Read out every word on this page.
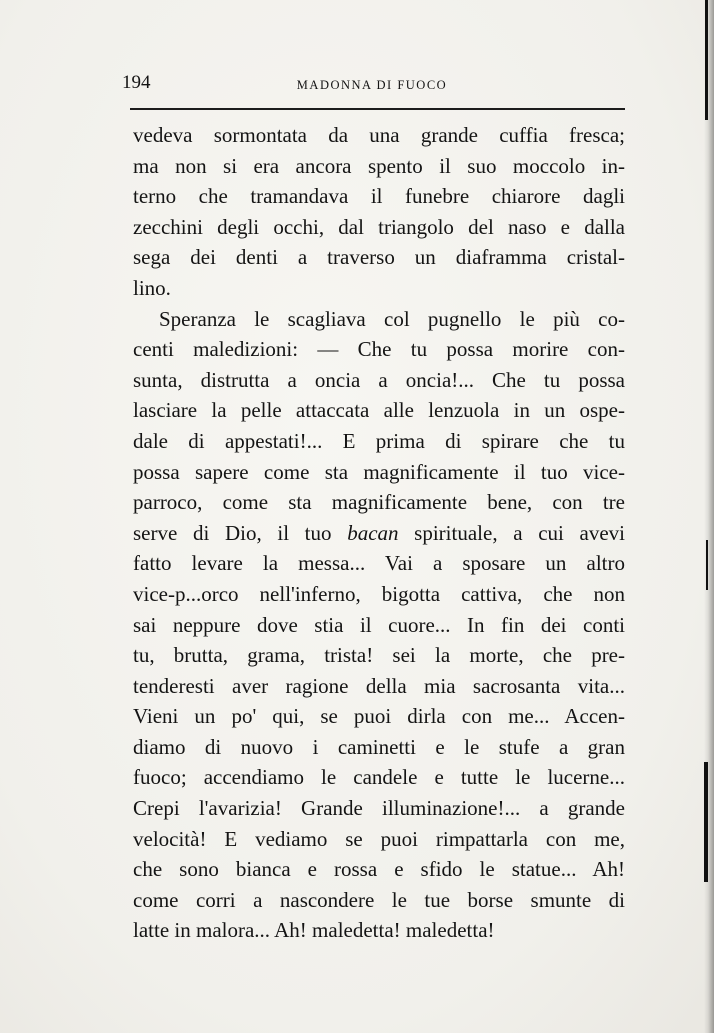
194	MADONNA DI FUOCO
vedeva sormontata da una grande cuffia fresca;
ma non si era ancora spento il suo moccolo in-
terno che tramandava il funebre chiarore dagli
zecchini degli occhi, dal triangolo del naso e dalla
sega dei denti a traverso un diaframma cristal-
lino.
Speranza le scagliava col pugnello le più co-
centi maledizioni: — Che tu possa morire con-
sunta, distrutta a oncia a oncia!... Che tu possa
lasciare la pelle attaccata alle lenzuola in un ospe-
dale di appestati!... E prima di spirare che tu
possa sapere come sta magnificamente il tuo vice-
parroco, come sta magnificamente bene, con tre
serve di Dio, il tuo bacan spirituale, a cui avevi
fatto levare la messa... Vai a sposare un altro
vice-p...orco nell'inferno, bigotta cattiva, che non
sai neppure dove stia il cuore... In fin dei conti
tu, brutta, grama, trista! sei la morte, che pre-
tenderesti aver ragione della mia sacrosanta vita...
Vieni un po' qui, se puoi dirla con me... Accen-
diamo di nuovo i caminetti e le stufe a gran
fuoco; accendiamo le candele e tutte le lucerne...
Crepi l'avarizia! Grande illuminazione!... a grande
velocità! E vediamo se puoi rimpattarla con me,
che sono bianca e rossa e sfido le statue... Ah!
come corri a nascondere le tue borse smunte di
latte in malora... Ah! maledetta! maledetta!
